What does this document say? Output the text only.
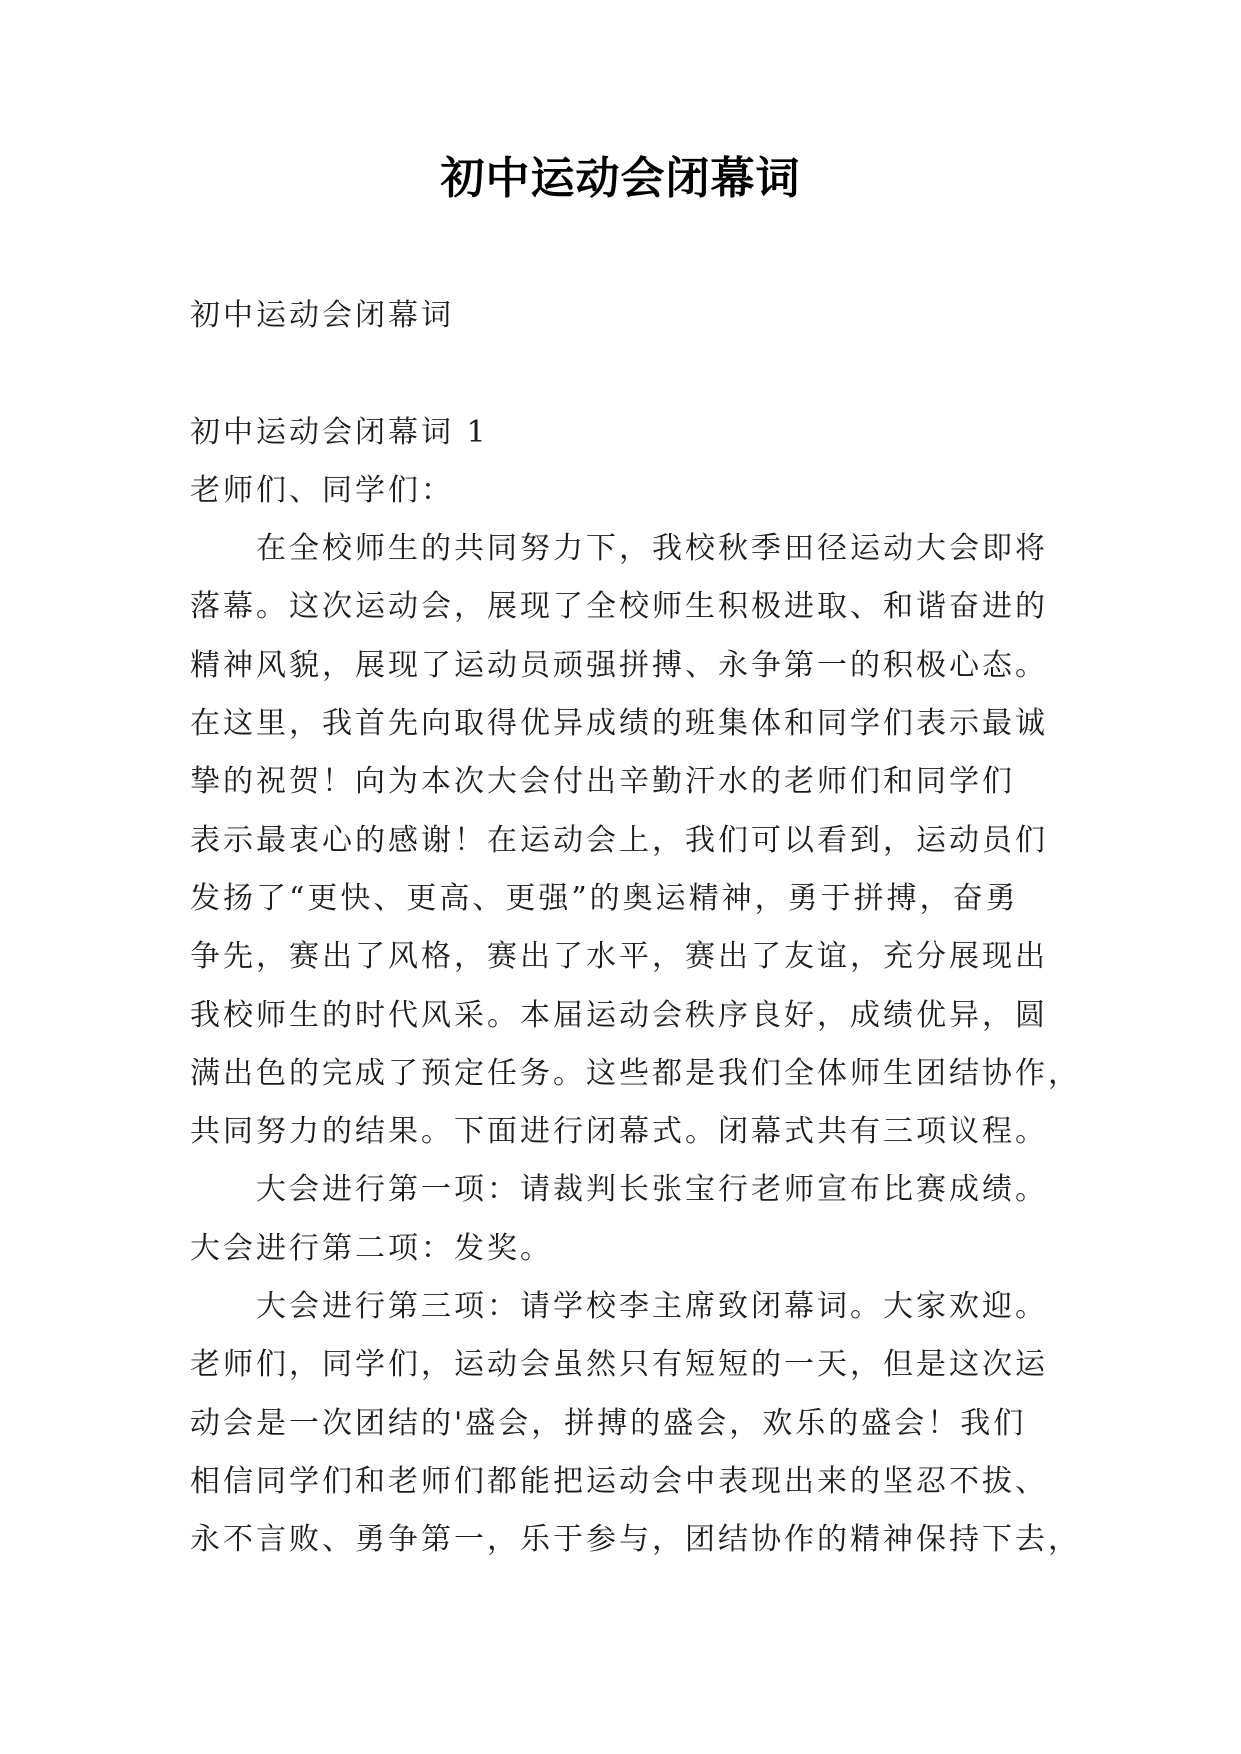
初中运动会闭幕词
初中运动会闭幕词
初中运动会闭幕词 1
老师们、同学们：
在全校师生的共同努力下，我校秋季田径运动大会即将
落幕。这次运动会，展现了全校师生积极进取、和谐奋进的
精神风貌，展现了运动员顽强拼搏、永争第一的积极心态。
在这里，我首先向取得优异成绩的班集体和同学们表示最诚
挚的祝贺！向为本次大会付出辛勤汗水的老师们和同学们
表示最衷心的感谢！在运动会上，我们可以看到，运动员们
发扬了“更快、更高、更强”的奥运精神，勇于拼搏，奋勇
争先，赛出了风格，赛出了水平，赛出了友谊，充分展现出
我校师生的时代风采。本届运动会秩序良好，成绩优异，圆
满出色的完成了预定任务。这些都是我们全体师生团结协作，
共同努力的结果。下面进行闭幕式。闭幕式共有三项议程。
大会进行第一项：请裁判长张宝行老师宣布比赛成绩。
大会进行第二项：发奖。
大会进行第三项：请学校李主席致闭幕词。大家欢迎。
老师们，同学们，运动会虽然只有短短的一天，但是这次运
动会是一次团结的'盛会，拼搏的盛会，欢乐的盛会！我们
相信同学们和老师们都能把运动会中表现出来的坚忍不拔、
永不言败、勇争第一，乐于参与，团结协作的精神保持下去，
